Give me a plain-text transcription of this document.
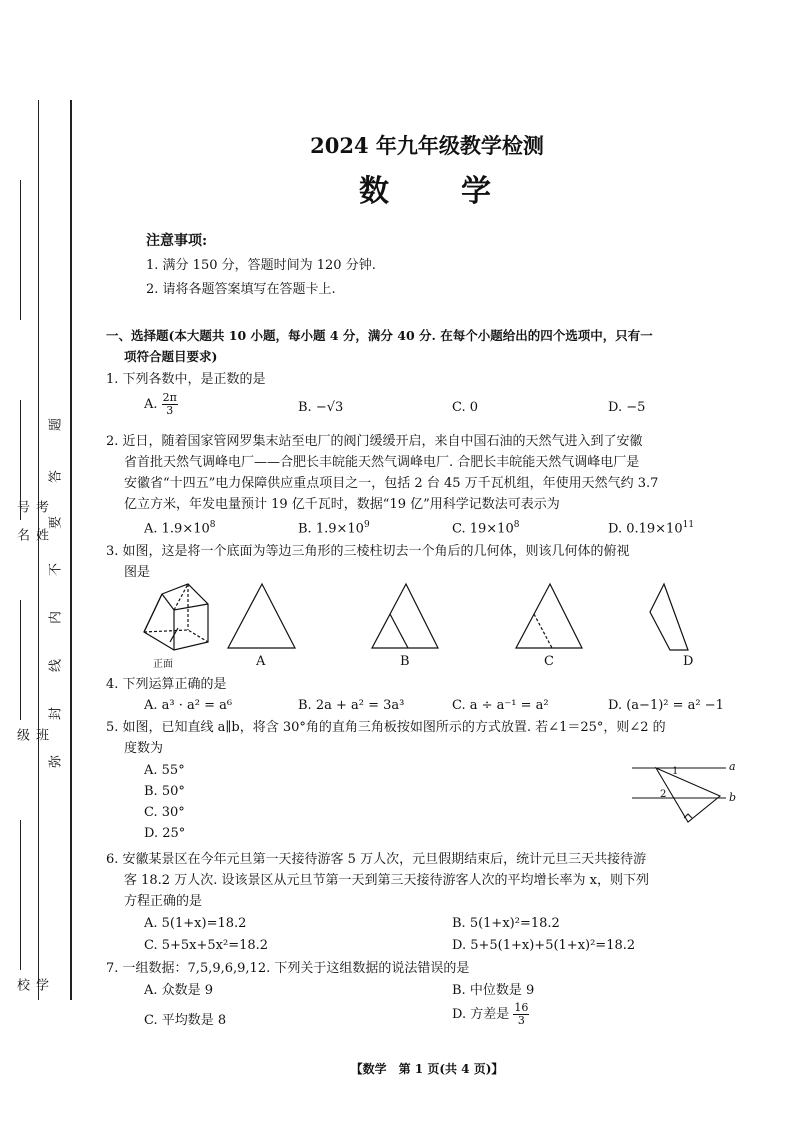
考号
姓名
班级
学校
题
答
要
不
内
线
封
弥
2024 年九年级教学检测
数　　学
注意事项:
1. 满分 150 分，答题时间为 120 分钟.
2. 请将各题答案填写在答题卡上.
一、选择题(本大题共 10 小题，每小题 4 分，满分 40 分. 在每个小题给出的四个选项中，只有一
项符合题目要求)
1. 下列各数中，是正数的是
A. $\frac{2\pi}{3}$	B. −√3	C. 0	D. −5
2. 近日，随着国家管网罗集末站至电厂的阀门缓缓开启，来自中国石油的天然气进入到了安徽
省首批天然气调峰电厂——合肥长丰皖能天然气调峰电厂. 合肥长丰皖能天然气调峰电厂是
安徽省“十四五”电力保障供应重点项目之一，包括 2 台 45 万千瓦机组，年使用天然气约 3.7
亿立方米，年发电量预计 19 亿千瓦时，数据“19 亿”用科学记数法可表示为
A. $1.9\times 10^8$	B. $1.9\times 10^9$	C. $19\times 10^8$	D. $0.19\times 10^{11}$
3. 如图，这是将一个底面为等边三角形的三棱柱切去一个角后的几何体，则该几何体的俯视
图是
正面	A	B	C	D
4. 下列运算正确的是
A. a³ · a² = a⁶	B. 2a + a² = 3a³	C. a ÷ a⁻¹ = a²	D. (a−1)² = a² −1
5. 如图，已知直线 a∥b，将含 30°角的直角三角板按如图所示的方式放置. 若∠1＝25°，则∠2 的
度数为
A. 55°
B. 50°
C. 30°
D. 25°
a
b
1
2
6. 安徽某景区在今年元旦第一天接待游客 5 万人次，元旦假期结束后，统计元旦三天共接待游
客 18.2 万人次. 设该景区从元旦节第一天到第三天接待游客人次的平均增长率为 x，则下列
方程正确的是
A. 5(1+x)=18.2	B. 5(1+x)²=18.2
C. 5+5x+5x²=18.2	D. 5+5(1+x)+5(1+x)²=18.2
7. 一组数据：7,5,9,6,9,12. 下列关于这组数据的说法错误的是
A. 众数是 9	B. 中位数是 9
C. 平均数是 8	D. 方差是 $\frac{16}{3}$
【数学　第 1 页(共 4 页)】
